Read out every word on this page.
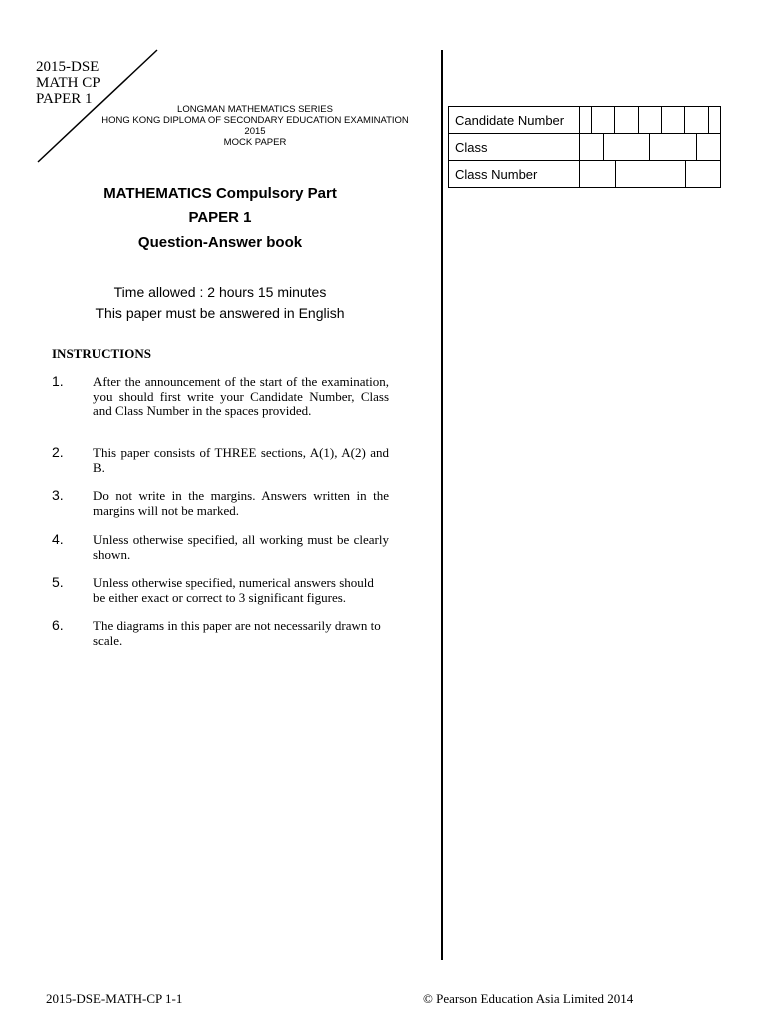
2015-DSE
MATH CP
PAPER 1
LONGMAN MATHEMATICS SERIES
HONG KONG DIPLOMA OF SECONDARY EDUCATION EXAMINATION
2015
MOCK PAPER
MATHEMATICS Compulsory Part
PAPER 1
Question-Answer book
Time allowed : 2 hours 15 minutes
This paper must be answered in English
INSTRUCTIONS
1. After the announcement of the start of the examination, you should first write your Candidate Number, Class and Class Number in the spaces provided.
2. This paper consists of THREE sections, A(1), A(2) and B.
3. Do not write in the margins. Answers written in the margins will not be marked.
4. Unless otherwise specified, all working must be clearly shown.
5. Unless otherwise specified, numerical answers should be either exact or correct to 3 significant figures.
6. The diagrams in this paper are not necessarily drawn to scale.
Candidate Number	

Class	

Class Number	

2015-DSE-MATH-CP 1-1	© Pearson Education Asia Limited 2014
